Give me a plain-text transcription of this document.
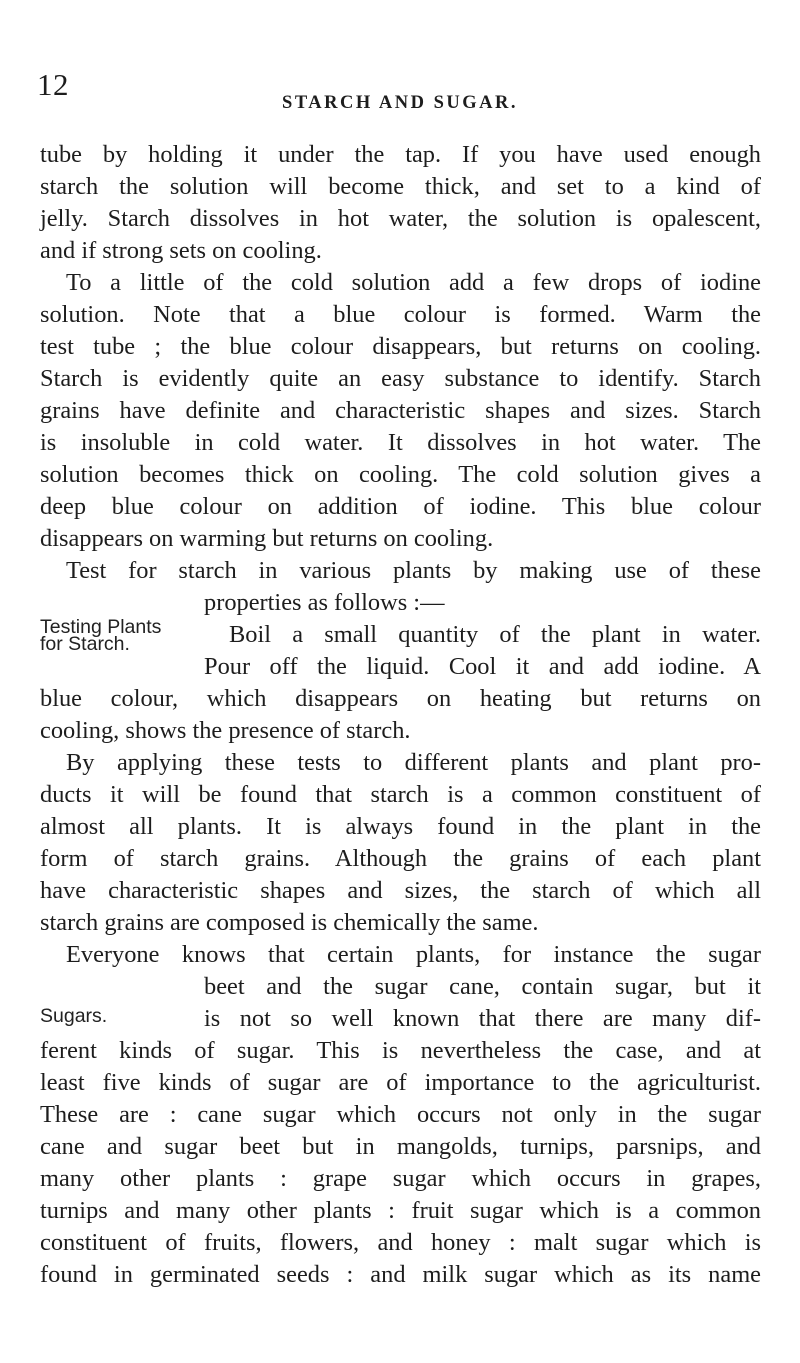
12
STARCH AND SUGAR.
tube by holding it under the tap. If you have used enough
starch the solution will become thick, and set to a kind of
jelly. Starch dissolves in hot water, the solution is opalescent,
and if strong sets on cooling.
To a little of the cold solution add a few drops of iodine
solution. Note that a blue colour is formed. Warm the
test tube ; the blue colour disappears, but returns on cooling.
Starch is evidently quite an easy substance to identify. Starch
grains have definite and characteristic shapes and sizes. Starch
is insoluble in cold water. It dissolves in hot water. The
solution becomes thick on cooling. The cold solution gives a
deep blue colour on addition of iodine. This blue colour
disappears on warming but returns on cooling.
Test for starch in various plants by making use of these
properties as follows :—
Testing Plants
for Starch.	Boil a small quantity of the plant in water.
Pour off the liquid. Cool it and add iodine. A
blue colour, which disappears on heating but returns on
cooling, shows the presence of starch.
By applying these tests to different plants and plant pro-
ducts it will be found that starch is a common constituent of
almost all plants. It is always found in the plant in the
form of starch grains. Although the grains of each plant
have characteristic shapes and sizes, the starch of which all
starch grains are composed is chemically the same.
Everyone knows that certain plants, for instance the sugar
beet and the sugar cane, contain sugar, but it
Sugars.	is not so well known that there are many dif-
ferent kinds of sugar. This is nevertheless the case, and at
least five kinds of sugar are of importance to the agriculturist.
These are : cane sugar which occurs not only in the sugar
cane and sugar beet but in mangolds, turnips, parsnips, and
many other plants : grape sugar which occurs in grapes,
turnips and many other plants : fruit sugar which is a common
constituent of fruits, flowers, and honey : malt sugar which is
found in germinated seeds : and milk sugar which as its name
